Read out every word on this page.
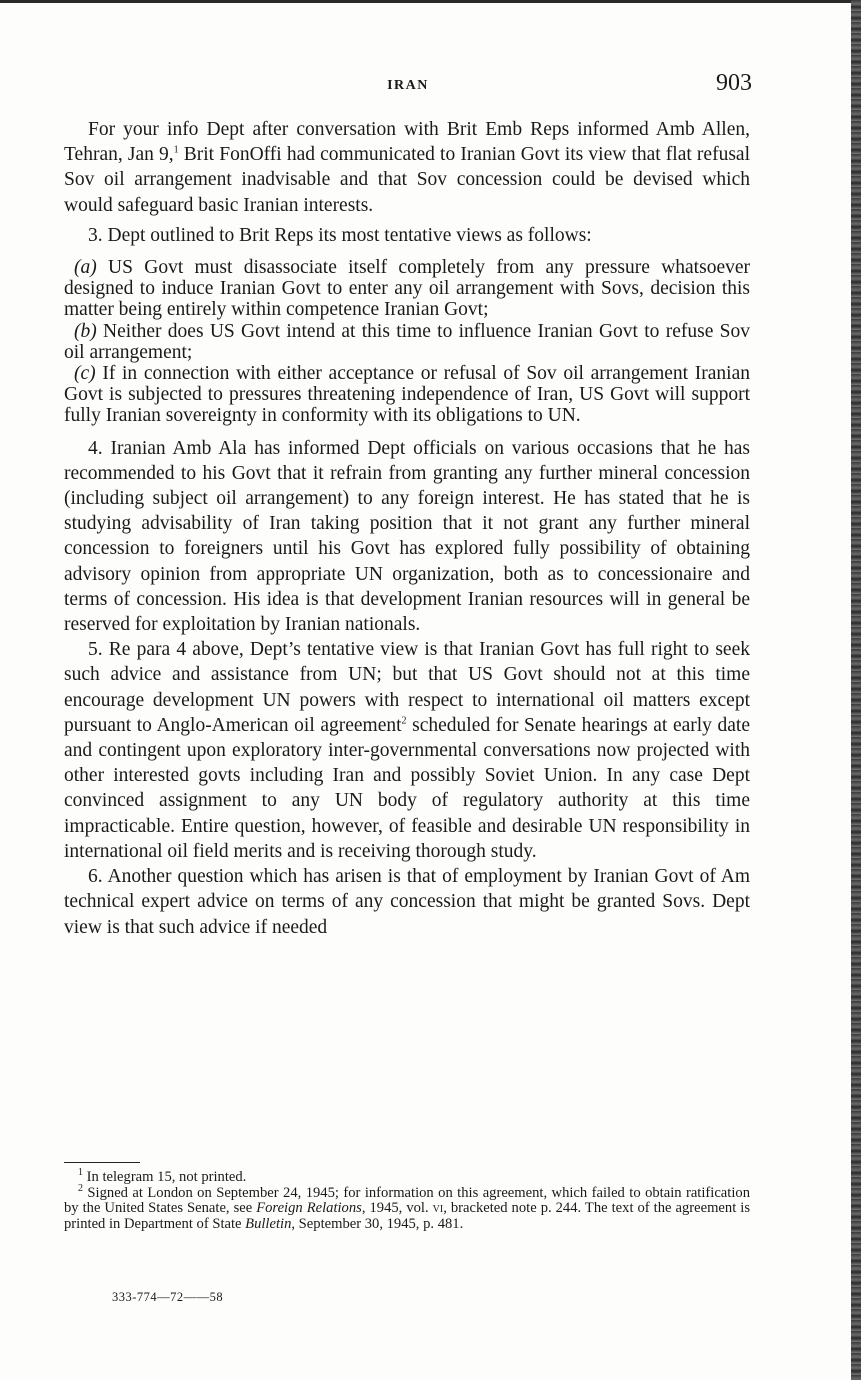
IRAN	903

For your info Dept after conversation with Brit Emb Reps informed Amb Allen, Tehran, Jan 9,$^1$ Brit FonOffi had communicated to Iranian Govt its view that flat refusal Sov oil arrangement inadvisable and that Sov concession could be devised which would safeguard basic Iranian interests.

3. Dept outlined to Brit Reps its most tentative views as follows:

(a) US Govt must disassociate itself completely from any pressure whatsoever designed to induce Iranian Govt to enter any oil arrangement with Sovs, decision this matter being entirely within competence Iranian Govt;

(b) Neither does US Govt intend at this time to influence Iranian Govt to refuse Sov oil arrangement;

(c) If in connection with either acceptance or refusal of Sov oil arrangement Iranian Govt is subjected to pressures threatening independence of Iran, US Govt will support fully Iranian sovereignty in conformity with its obligations to UN.

4. Iranian Amb Ala has informed Dept officials on various occasions that he has recommended to his Govt that it refrain from granting any further mineral concession (including subject oil arrangement) to any foreign interest. He has stated that he is studying advisability of Iran taking position that it not grant any further mineral concession to foreigners until his Govt has explored fully possibility of obtaining advisory opinion from appropriate UN organization, both as to concessionaire and terms of concession. His idea is that development Iranian resources will in general be reserved for exploitation by Iranian nationals.

5. Re para 4 above, Dept’s tentative view is that Iranian Govt has full right to seek such advice and assistance from UN; but that US Govt should not at this time encourage development UN powers with respect to international oil matters except pursuant to Anglo-American oil agreement$^2$ scheduled for Senate hearings at early date and contingent upon exploratory inter-governmental conversations now projected with other interested govts including Iran and possibly Soviet Union. In any case Dept convinced assignment to any UN body of regulatory authority at this time impracticable. Entire question, however, of feasible and desirable UN responsibility in international oil field merits and is receiving thorough study.

6. Another question which has arisen is that of employment by Iranian Govt of Am technical expert advice on terms of any concession that might be granted Sovs. Dept view is that such advice if needed

$^1$ In telegram 15, not printed.

$^2$ Signed at London on September 24, 1945; for information on this agreement, which failed to obtain ratification by the United States Senate, see Foreign Relations, 1945, vol. vi, bracketed note p. 244. The text of the agreement is printed in Department of State Bulletin, September 30, 1945, p. 481.

333-774—72——58
